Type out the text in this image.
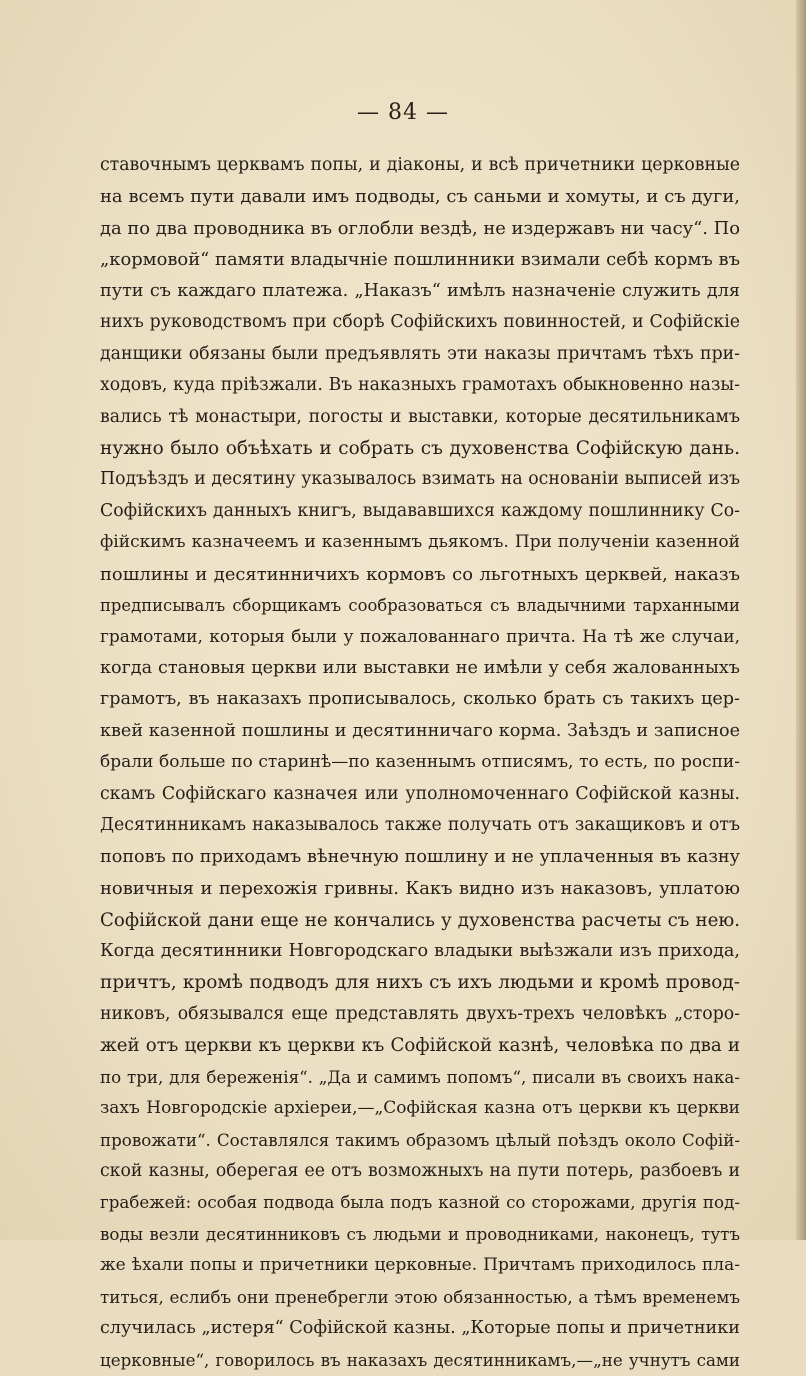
— 84 —
ставочнымъ церквамъ попы, и дiаконы, и всѣ причетники церковные
на всемъ пути давали имъ подводы, съ саньми и хомуты, и съ дуги,
да по два проводника въ оглобли вездѣ, не издержавъ ни часу“. По
„кормовой“ памяти владычнiе пошлинники взимали себѣ кормъ въ
пути съ каждаго платежа. „Наказъ“ имѣлъ назначенiе служить для
нихъ руководствомъ при сборѣ Софiйскихъ повинностей, и Софiйскiе
данщики обязаны были предъявлять эти наказы причтамъ тѣхъ при-
ходовъ, куда прiѣзжали. Въ наказныхъ грамотахъ обыкновенно назы-
вались тѣ монастыри, погосты и выставки, которые десятильникамъ
нужно было объѣхать и собрать съ духовенства Софiйскую дань.
Подъѣздъ и десятину указывалось взимать на основанiи выписей изъ
Софiйскихъ данныхъ книгъ, выдававшихся каждому пошлиннику Со-
фiйскимъ казначеемъ и казеннымъ дьякомъ. При полученiи казенной
пошлины и десятинничихъ кормовъ со льготныхъ церквей, наказъ
предписывалъ сборщикамъ сообразоваться съ владычними тарханными
грамотами, которыя были у пожалованнаго причта. На тѣ же случаи,
когда становыя церкви или выставки не имѣли у себя жалованныхъ
грамотъ, въ наказахъ прописывалось, сколько брать съ такихъ цер-
квей казенной пошлины и десятинничаго корма. Заѣздъ и записное
брали больше по старинѣ—по казеннымъ отписямъ, то есть, по роспи-
скамъ Софiйскаго казначея или уполномоченнаго Софiйской казны.
Десятинникамъ наказывалось также получать отъ закащиковъ и отъ
поповъ по приходамъ вѣнечную пошлину и не уплаченныя въ казну
новичныя и перехожiя гривны. Какъ видно изъ наказовъ, уплатою
Софiйской дани еще не кончались у духовенства расчеты съ нею.
Когда десятинники Новгородскаго владыки выѣзжали изъ прихода,
причтъ, кромѣ подводъ для нихъ съ ихъ людьми и кромѣ провод-
никовъ, обязывался еще представлять двухъ-трехъ человѣкъ „сторо-
жей отъ церкви къ церкви къ Софiйской казнѣ, человѣка по два и
по три, для береженiя“. „Да и самимъ попомъ“, писали въ своихъ нака-
захъ Новгородскiе архiереи,—„Софiйская казна отъ церкви къ церкви
провожати“. Составлялся такимъ образомъ цѣлый поѣздъ около Софiй-
ской казны, оберегая ее отъ возможныхъ на пути потерь, разбоевъ и
грабежей: особая подвода была подъ казной со сторожами, другiя под-
воды везли десятинниковъ съ людьми и проводниками, наконецъ, тутъ
же ѣхали попы и причетники церковные. Причтамъ приходилось пла-
титься, еслибъ они пренебрегли этою обязанностью, а тѣмъ временемъ
случилась „истеря“ Софiйской казны. „Которые попы и причетники
церковные“, говорилось въ наказахъ десятинникамъ,—„не учнутъ сами
